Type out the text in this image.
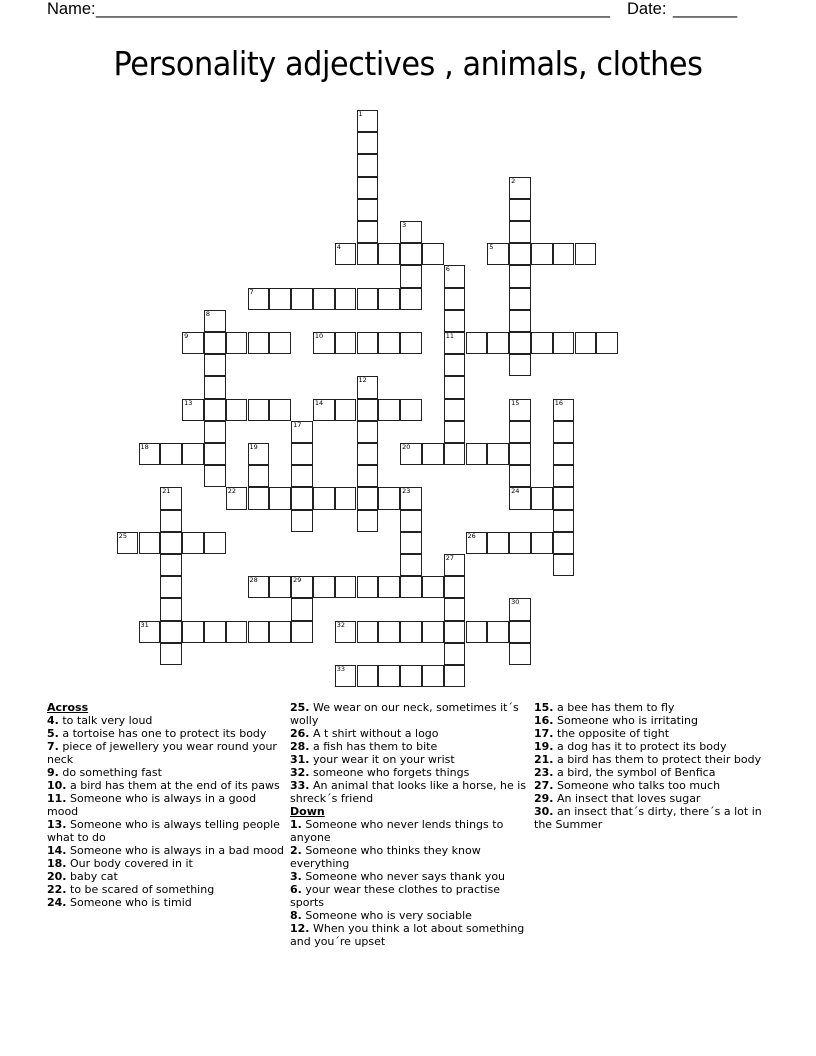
Name: ________________________________________________________ Date: _______
Personality adjectives , animals, clothes
1
2
3
4	5
6
11
7
8
9	10
12
13	14	15
24
16
17
18	19	20
21	22	23
25	26
27
28	29
30
31	32
33
Across
4. to talk very loud
5. a tortoise has one to protect its body
7. piece of jewellery you wear round your neck
9. do something fast
10. a bird has them at the end of its paws
11. Someone who is always in a good mood
13. Someone who is always telling people what to do
14. Someone who is always in a bad mood
18. Our body covered in it
20. baby cat
22. to be scared of something
24. Someone who is timid
25. We wear on our neck, sometimes it´s wolly
26. A t shirt without a logo
28. a fish has them to bite
31. your wear it on your wrist
32. someone who forgets things
33. An animal that looks like a horse, he is shreck´s friend
Down
1. Someone who never lends things to anyone
2. Someone who thinks they know everything
3. Someone who never says thank you
6. your wear these clothes to practise sports
8. Someone who is very sociable
12. When you think a lot about something and you´re upset
15. a bee has them to fly
16. Someone who is irritating
17. the opposite of tight
19. a dog has it to protect its body
21. a bird has them to protect their body
23. a bird, the symbol of Benfica
27. Someone who talks too much
29. An insect that loves sugar
30. an insect that´s dirty, there´s a lot in the Summer
